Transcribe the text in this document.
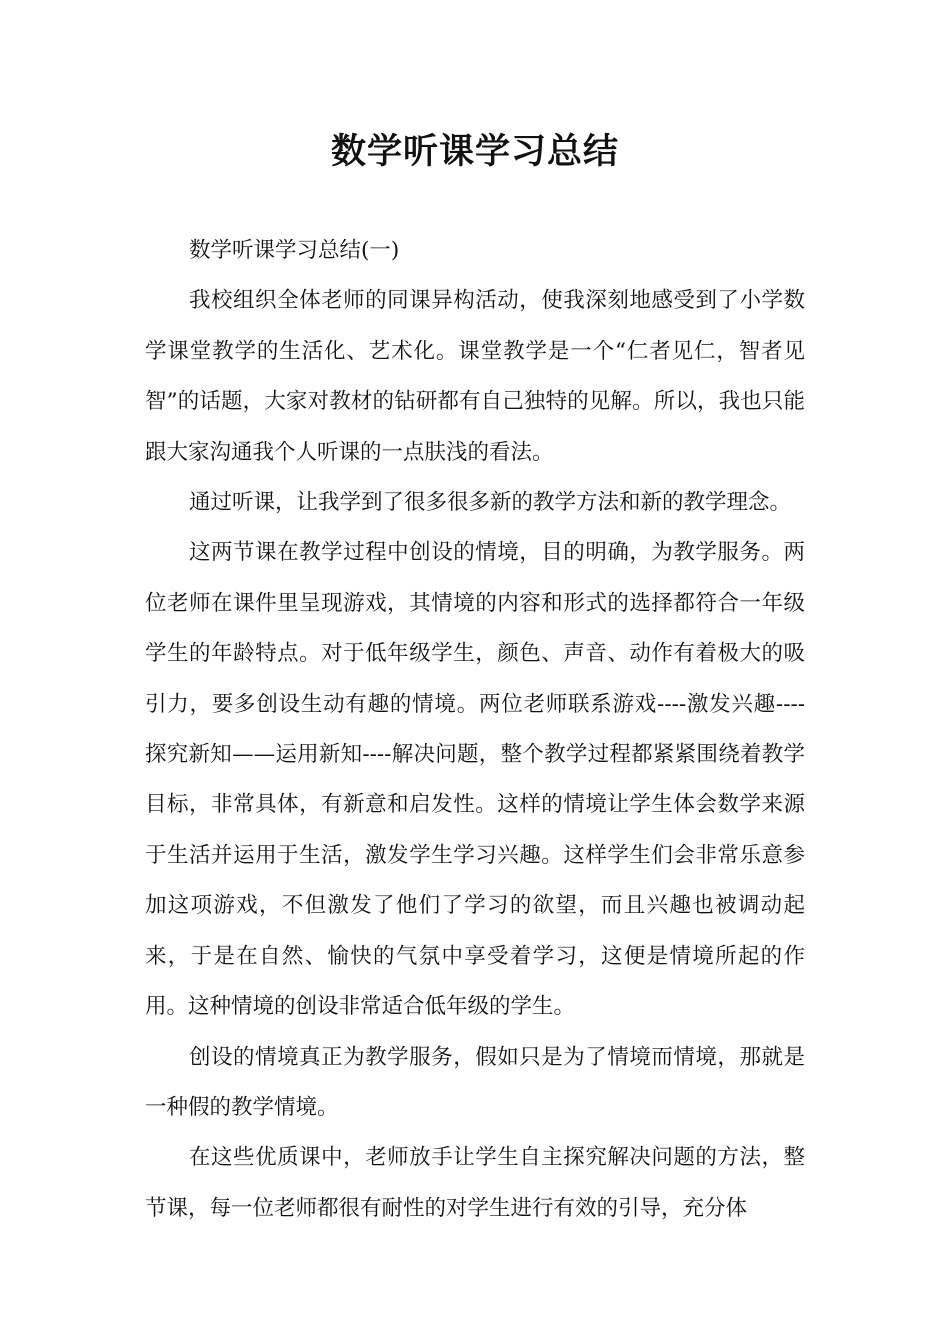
数学听课学习总结

数学听课学习总结(一)

我校组织全体老师的同课异构活动，使我深刻地感受到了小学数学课堂教学的生活化、艺术化。课堂教学是一个“仁者见仁，智者见智”的话题，大家对教材的钻研都有自己独特的见解。所以，我也只能跟大家沟通我个人听课的一点肤浅的看法。

通过听课，让我学到了很多很多新的教学方法和新的教学理念。

这两节课在教学过程中创设的情境，目的明确，为教学服务。两位老师在课件里呈现游戏，其情境的内容和形式的选择都符合一年级学生的年龄特点。对于低年级学生，颜色、声音、动作有着极大的吸引力，要多创设生动有趣的情境。两位老师联系游戏----激发兴趣----探究新知——运用新知----解决问题，整个教学过程都紧紧围绕着教学目标，非常具体，有新意和启发性。这样的情境让学生体会数学来源于生活并运用于生活，激发学生学习兴趣。这样学生们会非常乐意参加这项游戏，不但激发了他们了学习的欲望，而且兴趣也被调动起来，于是在自然、愉快的气氛中享受着学习，这便是情境所起的作用。这种情境的创设非常适合低年级的学生。

创设的情境真正为教学服务，假如只是为了情境而情境，那就是一种假的教学情境。

在这些优质课中，老师放手让学生自主探究解决问题的方法，整节课，每一位老师都很有耐性的对学生进行有效的引导，充分体
